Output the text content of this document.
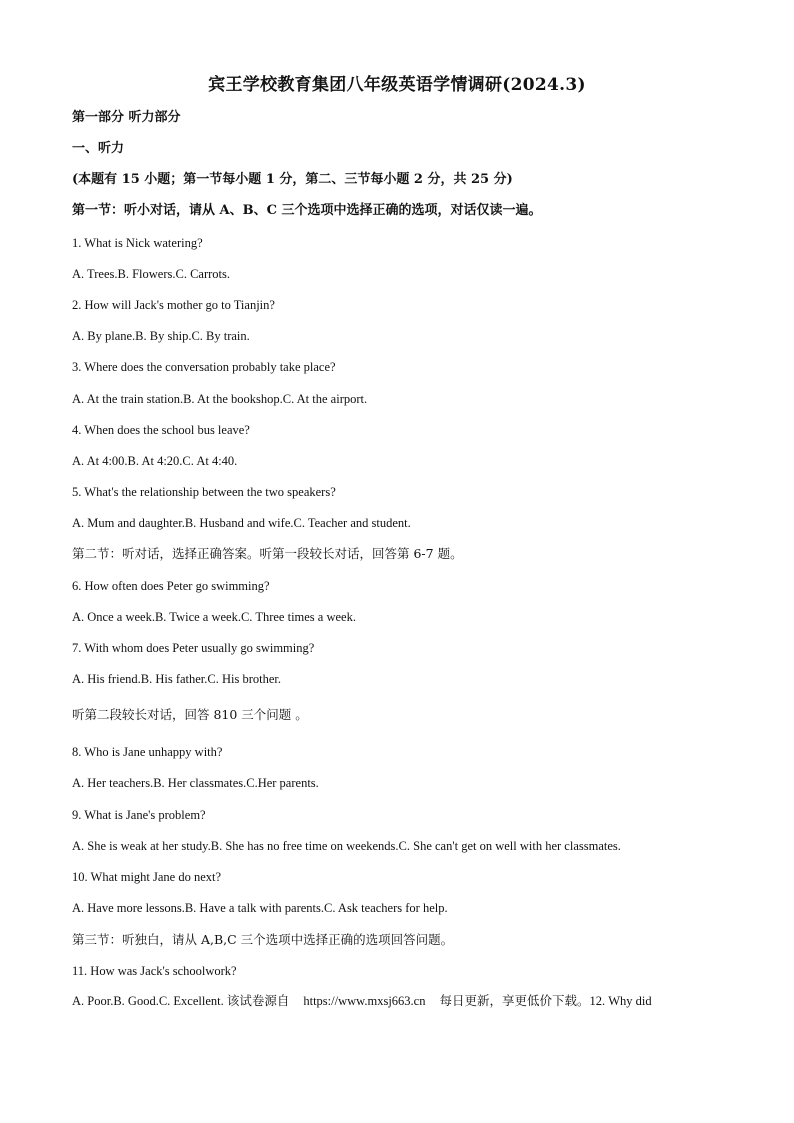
宾王学校教育集团八年级英语学情调研(2024.3)
第一部分 听力部分
一、听力
(本题有 15 小题；第一节每小题 1 分，第二、三节每小题 2 分，共 25 分)
第一节：听小对话，请从 A、B、C 三个选项中选择正确的选项，对话仅读一遍。
1. What is Nick watering?
A. Trees.B. Flowers.C. Carrots.
2. How will Jack's mother go to Tianjin?
A. By plane.B. By ship.C. By train.
3. Where does the conversation probably take place?
A. At the train station.B. At the bookshop.C. At the airport.
4. When does the school bus leave?
A. At 4:00.B. At 4:20.C. At 4:40.
5. What's the relationship between the two speakers?
A. Mum and daughter.B. Husband and wife.C. Teacher and student.
第二节：听对话，选择正确答案。听第一段较长对话，回答第 6-7 题。
6. How often does Peter go swimming?
A. Once a week.B. Twice a week.C. Three times a week.
7. With whom does Peter usually go swimming?
A. His friend.B. His father.C. His brother.
听第二段较长对话，回答 810 三个问题 。
8. Who is Jane unhappy with?
A. Her teachers.B. Her classmates.C.Her parents.
9. What is Jane's problem?
A. She is weak at her study.B. She has no free time on weekends.C. She can't get on well with her classmates.
10. What might Jane do next?
A. Have more lessons.B. Have a talk with parents.C. Ask teachers for help.
第三节：听独白，请从 A,B,C 三个选项中选择正确的选项回答问题。
11. How was Jack's schoolwork?
A. Poor.B. Good.C. Excellent. 该试卷源自 https://www.mxsj663.cn 每日更新，享更低价下载。12. Why did
